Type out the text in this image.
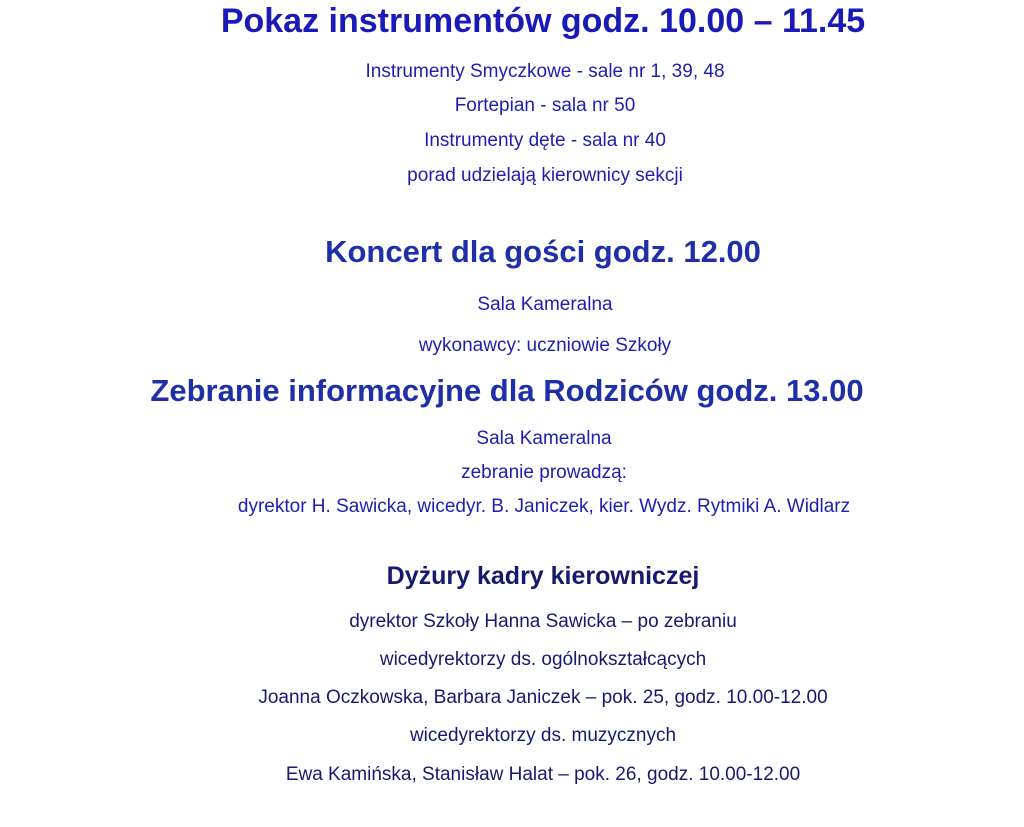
Pokaz instrumentów godz. 10.00 – 11.45
Instrumenty Smyczkowe - sale nr 1, 39, 48
Fortepian - sala nr 50
Instrumenty dęte - sala nr 40
porad udzielają kierownicy sekcji
Koncert dla gości godz. 12.00
Sala Kameralna
wykonawcy: uczniowie Szkoły
Zebranie informacyjne dla Rodziców godz. 13.00
Sala Kameralna
zebranie prowadzą:
dyrektor H. Sawicka, wicedyr. B. Janiczek, kier. Wydz. Rytmiki A. Widlarz
Dyżury kadry kierowniczej
dyrektor Szkoły Hanna Sawicka – po zebraniu
wicedyrektorzy ds. ogólnokształcących
Joanna Oczkowska, Barbara Janiczek – pok. 25, godz. 10.00-12.00
wicedyrektorzy ds. muzycznych
Ewa Kamińska, Stanisław Halat – pok. 26, godz. 10.00-12.00
